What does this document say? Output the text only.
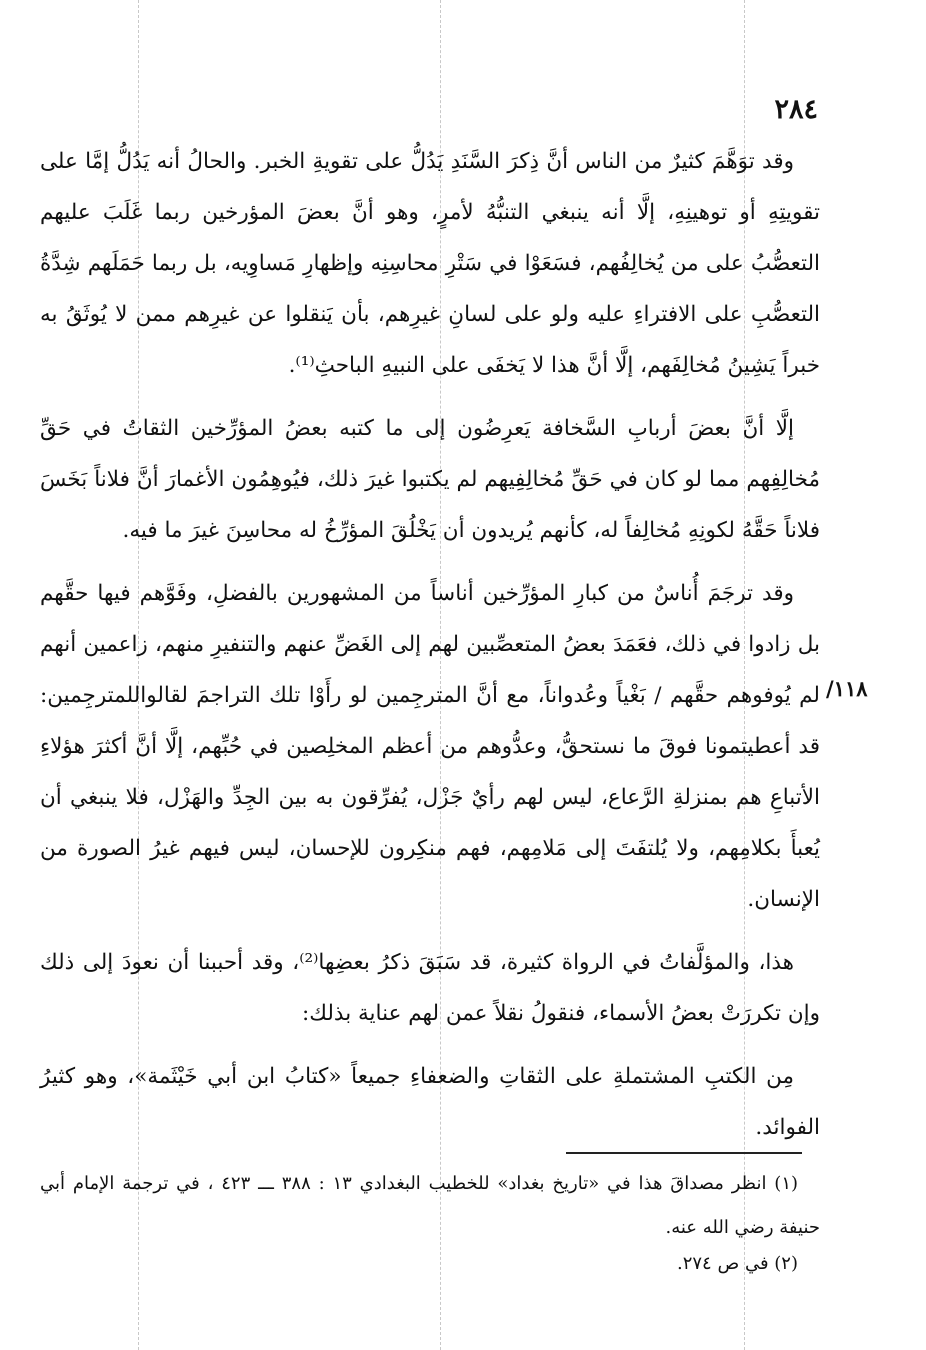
٢٨٤

وقد توَهَّمَ كثيرٌ من الناس أنَّ ذِكرَ السَّنَدِ يَدُلُّ على تقويةِ الخبر. والحالُ أنه يَدُلُّ إمَّا على تقويتِهِ أو توهينِهِ، إلَّا أنه ينبغي التنبُّهُ لأمرٍ، وهو أنَّ بعضَ المؤرخين ربما غَلَبَ عليهم التعصُّبُ على من يُخالِفُهم، فسَعَوْا في سَتْرِ محاسِنِه وإظهارِ مَساوِيه، بل ربما حَمَلَهم شِدَّةُ التعصُّبِ على الافتراءِ عليه ولو على لسانِ غيرِهم، بأن يَنقلوا عن غيرِهم ممن لا يُوثَقُ به خبراً يَشِينُ مُخالِفَهم، إلَّا أنَّ هذا لا يَخفَى على النبيهِ الباحثِ⁽¹⁾.

إلَّا أنَّ بعضَ أربابِ السَّخافة يَعرِضُون إلى ما كتبه بعضُ المؤرِّخين الثقاتُ في حَقِّ مُخالِفِهم مما لو كان في حَقِّ مُخالِفِيهم لم يكتبوا غيرَ ذلك، فيُوهِمُون الأغمارَ أنَّ فلاناً بَخَسَ فلاناً حَقَّهُ لكونِهِ مُخالِفاً له، كأنهم يُريدون أن يَخْلُقَ المؤرِّخُ له محاسِنَ غيرَ ما فيه.

وقد ترجَمَ أُناسٌ من كبارِ المؤرِّخين أناساً من المشهورين بالفضلِ، وفَوَّهم فيها حقَّهم بل زادوا في ذلك، فعَمَدَ بعضُ المتعصِّبين لهم إلى الغَضِّ عنهم والتنفيرِ منهم، زاعمين أنهم لم يُوفوهم حقَّهم / بَغْياً وعُدواناً، مع أنَّ المترجِمين لو رأَوْا تلك التراجمَ لقالواللمترجِمين: قد أعطيتمونا فوقَ ما نستحقُّ، وعدُّوهم من أعظم المخلِصين في حُبِّهم، إلَّا أنَّ أكثرَ هؤلاءِ الأتباعِ هم بمنزلةِ الرَّعاع، ليس لهم رأيٌ جَزْل، يُفرِّقون به بين الجِدِّ والهَزْل، فلا ينبغي أن يُعبأَ بكلامِهم، ولا يُلتفَتَ إلى مَلامِهم، فهم منكِرون للإحسان، ليس فيهم غيرُ الصورة من الإنسان.

هذا، والمؤلَّفاتُ في الرواة كثيرة، قد سَبَقَ ذكرُ بعضِها⁽²⁾، وقد أحببنا أن نعودَ إلى ذلك وإن تكررَتْ بعضُ الأسماء، فنقولُ نقلاً عمن لهم عناية بذلك:

مِن الكتبِ المشتملةِ على الثقاتِ والضعفاءِ جميعاً «كتابُ ابن أبي خَيْثَمة»، وهو كثيرُ الفوائد.

١١٨/

(١) انظر مصداقَ هذا في «تاريخ بغداد» للخطيب البغدادي ١٣ : ٣٨٨ ـــ ٤٢٣ ، في ترجمة الإمام أبي حنيفة رضي الله عنه.

(٢) في ص ٢٧٤.
